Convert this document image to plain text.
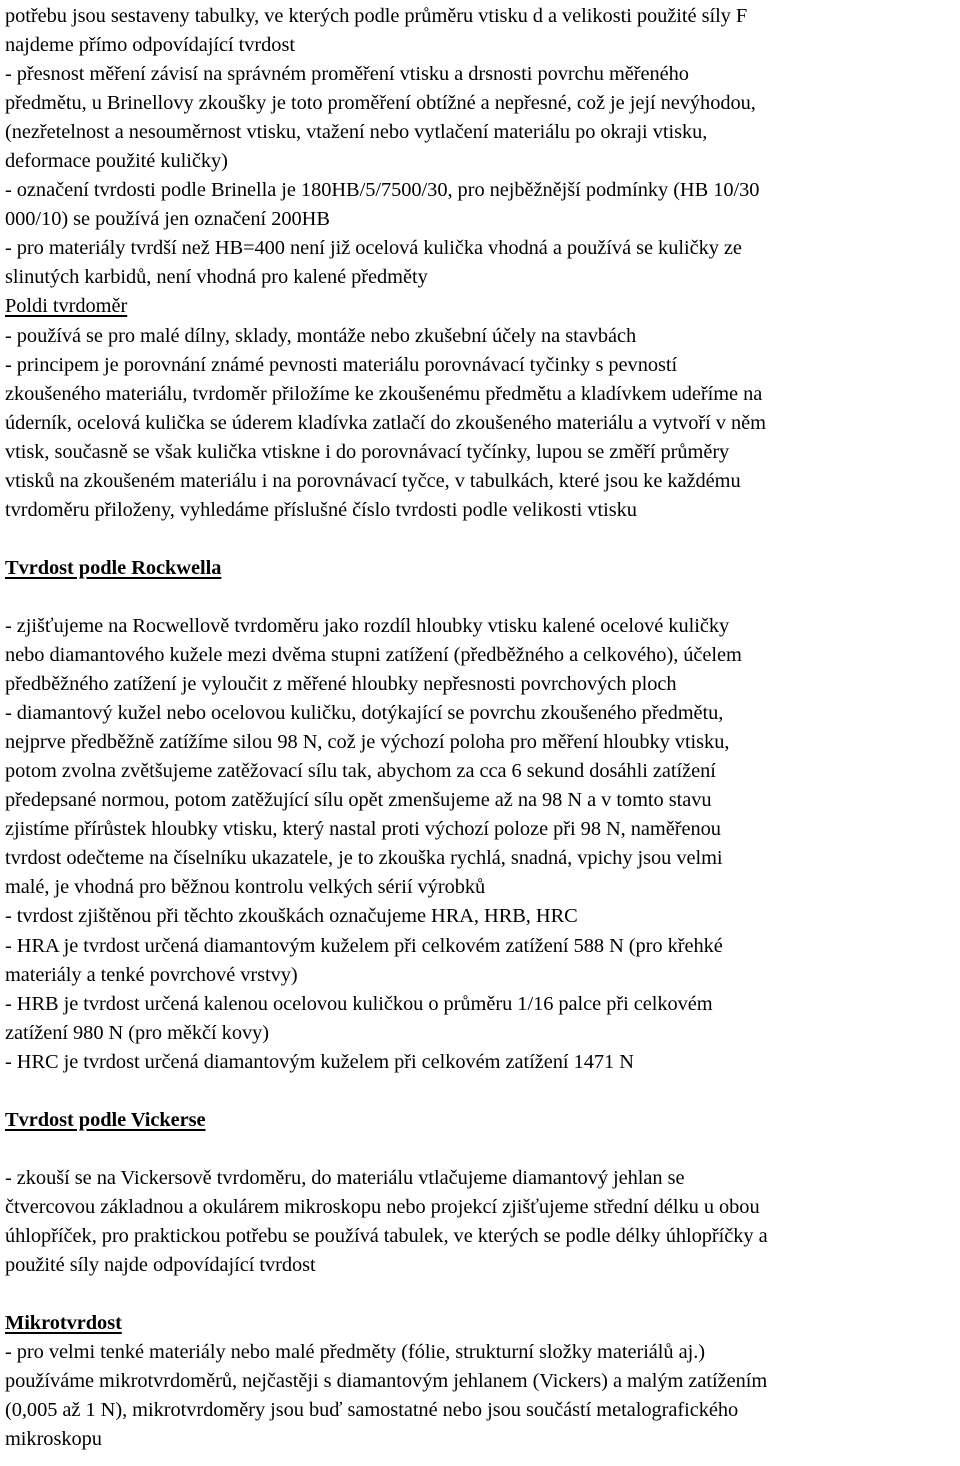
potřebu jsou sestaveny tabulky, ve kterých podle průměru vtisku d a velikosti použité síly F
najdeme přímo odpovídající tvrdost
- přesnost měření závisí na správném proměření vtisku a drsnosti povrchu měřeného
předmětu, u Brinellovy zkoušky je toto proměření obtížné a nepřesné, což je její nevýhodou,
(nezřetelnost a nesouměrnost vtisku, vtažení nebo vytlačení materiálu po okraji vtisku,
deformace použité kuličky)
- označení tvrdosti podle Brinella je 180HB/5/7500/30, pro nejběžnější podmínky (HB 10/30
000/10) se používá jen označení 200HB
- pro materiály tvrdší než HB=400 není již ocelová kulička vhodná a používá se kuličky ze
slinutých karbidů, není vhodná pro kalené předměty
Poldi tvrdoměr
- používá se pro malé dílny, sklady, montáže nebo zkušební účely na stavbách
- principem je porovnání známé pevnosti materiálu porovnávací tyčinky s pevností
zkoušeného materiálu, tvrdoměr přiložíme ke zkoušenému předmětu a kladívkem udeříme na
úderník, ocelová kulička se úderem kladívka zatlačí do zkoušeného materiálu a vytvoří v něm
vtisk, současně se však kulička vtiskne i do porovnávací tyčínky, lupou se změří průměry
vtisků na zkoušeném materiálu i na porovnávací tyčce, v tabulkách, které jsou ke každému
tvrdoměru přiloženy, vyhledáme příslušné číslo tvrdosti podle velikosti vtisku
Tvrdost podle Rockwella
- zjišťujeme na Rocwellově tvrdoměru jako rozdíl hloubky vtisku kalené ocelové kuličky
nebo diamantového kužele mezi dvěma stupni zatížení (předběžného a celkového), účelem
předběžného zatížení je vyloučit z měřené hloubky nepřesnosti povrchových ploch
- diamantový kužel nebo ocelovou kuličku, dotýkající se povrchu zkoušeného předmětu,
nejprve předběžně zatížíme silou 98 N, což je výchozí poloha pro měření hloubky vtisku,
potom zvolna zvětšujeme zatěžovací sílu tak, abychom za cca 6 sekund dosáhli zatížení
předepsané normou, potom zatěžující sílu opět zmenšujeme až na 98 N a v tomto stavu
zjistíme přírůstek hloubky vtisku, který nastal proti výchozí poloze při 98 N, naměřenou
tvrdost odečteme na číselníku ukazatele, je to zkouška rychlá, snadná, vpichy jsou velmi
malé, je vhodná pro běžnou kontrolu velkých sérií výrobků
- tvrdost zjištěnou při těchto zkouškách označujeme HRA, HRB, HRC
- HRA je tvrdost určená diamantovým kuželem při celkovém zatížení 588 N (pro křehké
materiály a tenké povrchové vrstvy)
- HRB je tvrdost určená kalenou ocelovou kuličkou o průměru 1/16 palce při celkovém
zatížení 980 N (pro měkčí kovy)
- HRC je tvrdost určená diamantovým kuželem při celkovém zatížení 1471 N
Tvrdost podle Vickerse
- zkouší se na Vickersově tvrdoměru, do materiálu vtlačujeme diamantový jehlan se
čtvercovou základnou a okulárem mikroskopu nebo projekcí zjišťujeme střední délku u obou
úhlopříček, pro praktickou potřebu se používá tabulek, ve kterých se podle délky úhlopříčky a
použité síly najde odpovídající tvrdost
Mikrotvrdost
- pro velmi tenké materiály nebo malé předměty (fólie, strukturní složky materiálů aj.)
používáme mikrotvrdoměrů, nejčastěji s diamantovým jehlanem (Vickers) a malým zatížením
(0,005 až 1 N), mikrotvrdoměry jsou buď samostatné nebo jsou součástí metalografického
mikroskopu
